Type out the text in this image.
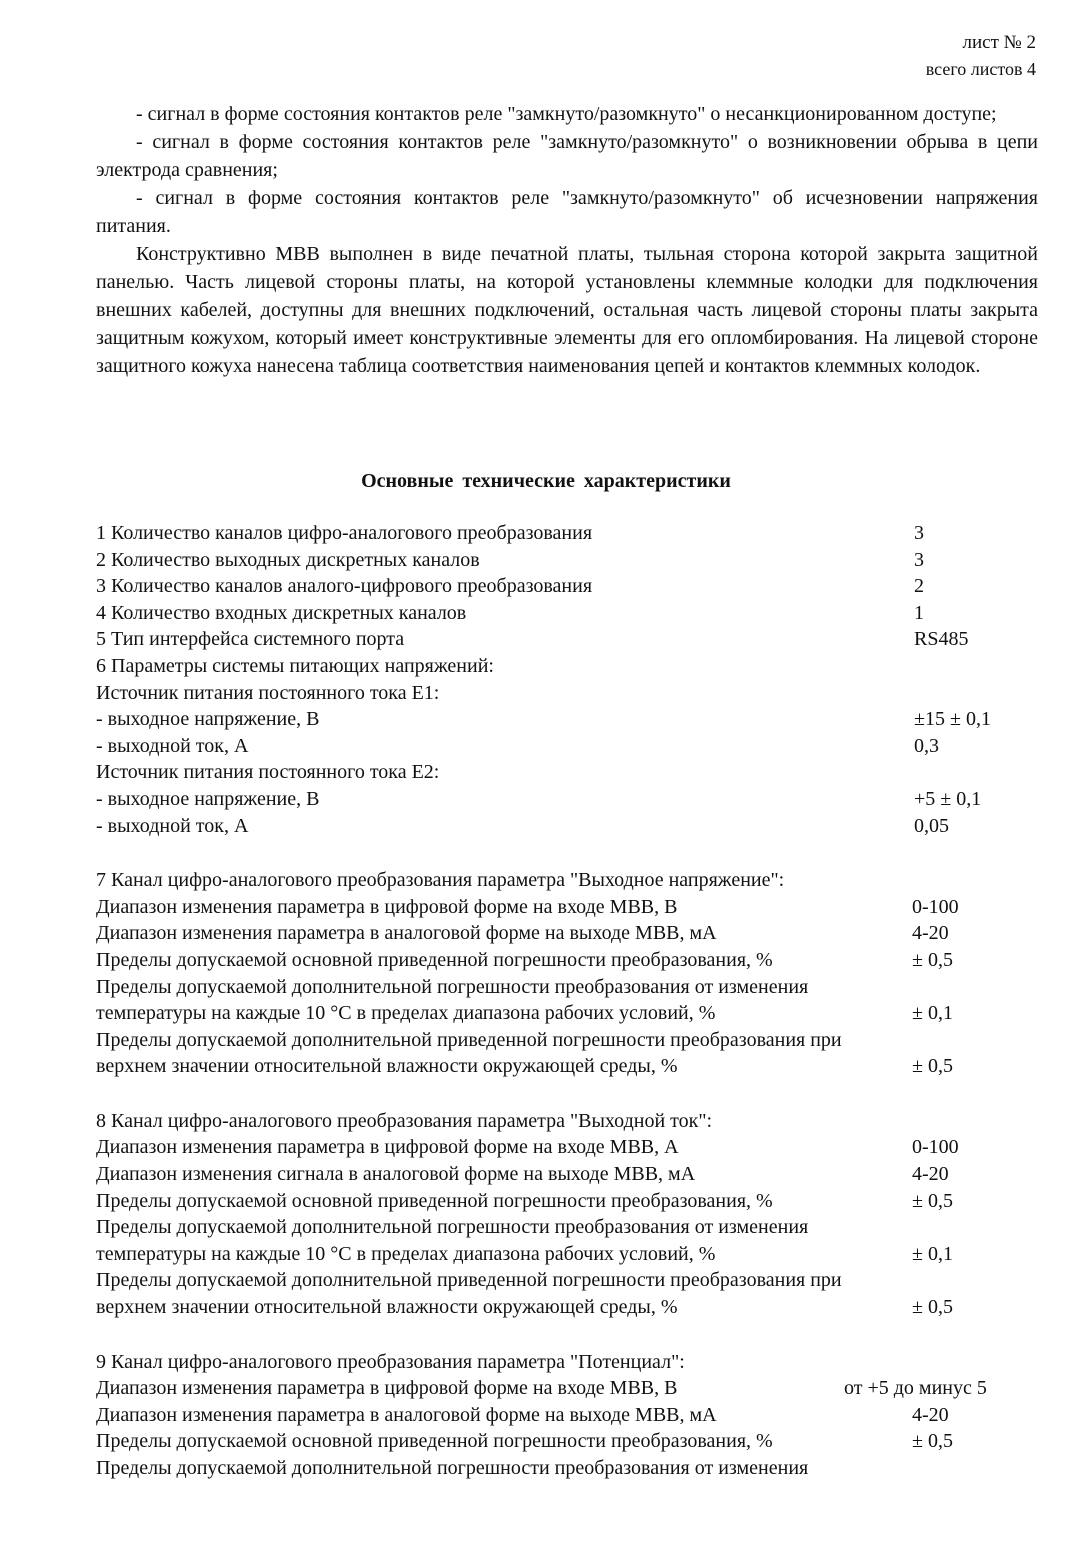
лист № 2
всего листов 4

- сигнал в форме состояния контактов реле "замкнуто/разомкнуто" о несанкционированном доступе;

- сигнал в форме состояния контактов реле "замкнуто/разомкнуто" о возникновении обрыва в цепи электрода сравнения;

- сигнал в форме состояния контактов реле "замкнуто/разомкнуто" об исчезновении напряжения питания.

Конструктивно МВВ выполнен в виде печатной платы, тыльная сторона которой закрыта защитной панелью. Часть лицевой стороны платы, на которой установлены клеммные колодки для подключения внешних кабелей, доступны для внешних подключений, остальная часть лицевой стороны платы закрыта защитным кожухом, который имеет конструктивные элементы для его опломбирования. На лицевой стороне защитного кожуха нанесена таблица соответствия наименования цепей и контактов клеммных колодок.

Основные технические характеристики
1 Количество каналов цифро-аналогового преобразования	3
2 Количество выходных дискретных каналов	3
3 Количество каналов аналого-цифрового преобразования	2
4 Количество входных дискретных каналов	1
5 Тип интерфейса системного порта	RS485
6 Параметры системы питающих напряжений:
Источник питания постоянного тока Е1:
- выходное напряжение, В	±15 ± 0,1
- выходной ток, А	0,3
Источник питания постоянного тока Е2:
- выходное напряжение, В	+5 ± 0,1
- выходной ток, А	0,05
7 Канал цифро-аналогового преобразования параметра "Выходное напряжение":
Диапазон изменения параметра в цифровой форме на входе МВВ, В	0-100
Диапазон изменения параметра в аналоговой форме на выходе МВВ, мА	4-20
Пределы допускаемой основной приведенной погрешности преобразования, %	± 0,5
Пределы допускаемой дополнительной погрешности преобразования от изменения
температуры на каждые 10 °С в пределах диапазона рабочих условий, %	± 0,1
Пределы допускаемой дополнительной приведенной погрешности преобразования при
верхнем значении относительной влажности окружающей среды, %	± 0,5
8 Канал цифро-аналогового преобразования параметра "Выходной ток":
Диапазон изменения параметра в цифровой форме на входе МВВ, А	0-100
Диапазон изменения сигнала в аналоговой форме на выходе МВВ, мА	4-20
Пределы допускаемой основной приведенной погрешности преобразования, %	± 0,5
Пределы допускаемой дополнительной погрешности преобразования от изменения
температуры на каждые 10 °С в пределах диапазона рабочих условий, %	± 0,1
Пределы допускаемой дополнительной приведенной погрешности преобразования при
верхнем значении относительной влажности окружающей среды, %	± 0,5
9 Канал цифро-аналогового преобразования параметра "Потенциал":
Диапазон изменения параметра в цифровой форме на входе МВВ, В	от +5 до минус 5
Диапазон изменения параметра в аналоговой форме на выходе МВВ, мА	4-20
Пределы допускаемой основной приведенной погрешности преобразования, %	± 0,5
Пределы допускаемой дополнительной погрешности преобразования от изменения
